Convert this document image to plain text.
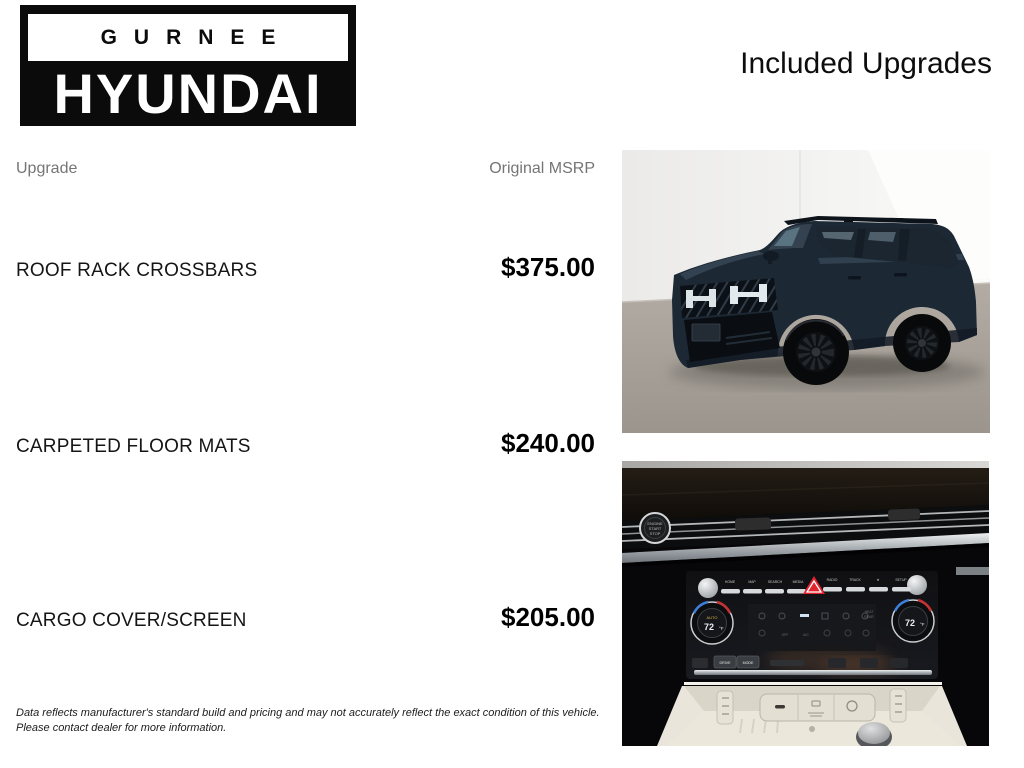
GURNEE
HYUNDAI	Included Upgrades
Upgrade	Original MSRP
ROOF RACK CROSSBARS	$375.00
CARPETED FLOOR MATS	$240.00
CARGO COVER/SCREEN	$205.00
Data reflects manufacturer's standard build and pricing and may not accurately reflect the exact condition of this vehicle.
Please contact dealer for more information.
ENGINE
START
STOP
HOME	MAP	SEARCH	MEDIA	RADIO	TRACK	★	SETUP
AUTO
72 °F
72 °F
OFF	A/C
HEAT
REAR
DRIVE	MODE
